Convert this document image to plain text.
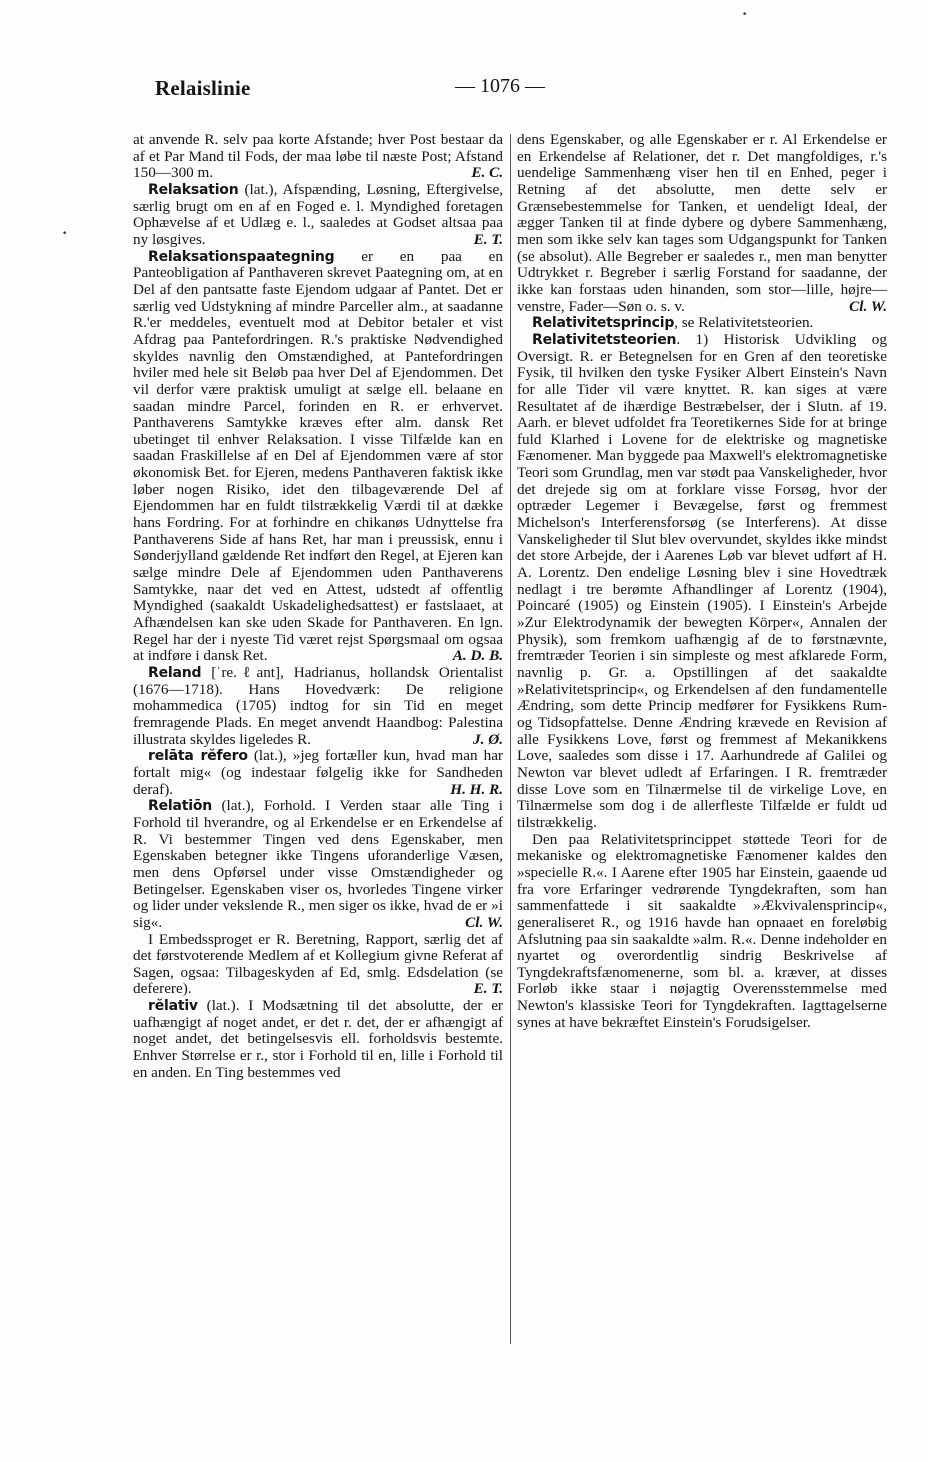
Relaislinie	— 1076 —
•
•

at anvende R. selv paa korte Afstande; hver Post bestaar da af et Par Mand til Fods, der maa løbe til næste Post; Afstand 150—300 m.	E. C.

Relaksation (lat.), Afspænding, Løsning, Eftergivelse, særlig brugt om en af en Foged e. l. Myndighed foretagen Ophævelse af et Udlæg e. l., saaledes at Godset altsaa paa ny løsgives.	E. T.

Relaksationspaategning er en paa en Panteobligation af Panthaveren skrevet Paategning om, at en Del af den pantsatte faste Ejendom udgaar af Pantet. Det er særlig ved Udstykning af mindre Parceller alm., at saadanne R.'er meddeles, eventuelt mod at Debitor betaler et vist Afdrag paa Pantefordringen. R.'s praktiske Nødvendighed skyldes navnlig den Omstændighed, at Pantefordringen hviler med hele sit Beløb paa hver Del af Ejendommen. Det vil derfor være praktisk umuligt at sælge ell. belaane en saadan mindre Parcel, forinden en R. er erhvervet. Panthaverens Samtykke kræves efter alm. dansk Ret ubetinget til enhver Relaksation. I visse Tilfælde kan en saadan Fraskillelse af en Del af Ejendommen være af stor økonomisk Bet. for Ejeren, medens Panthaveren faktisk ikke løber nogen Risiko, idet den tilbageværende Del af Ejendommen har en fuldt tilstrækkelig Værdi til at dække hans Fordring. For at forhindre en chikanøs Udnyttelse fra Panthaverens Side af hans Ret, har man i preussisk, ennu i Sønderjylland gældende Ret indført den Regel, at Ejeren kan sælge mindre Dele af Ejendommen uden Panthaverens Samtykke, naar det ved en Attest, udstedt af offentlig Myndighed (saakaldt Uskadelighedsattest) er fastslaaet, at Afhændelsen kan ske uden Skade for Panthaveren. En lgn. Regel har der i nyeste Tid været rejst Spørgsmaal om ogsaa at indføre i dansk Ret.	A. D. B.

Reland [ˈre.ℓant], Hadrianus, hollandsk Orientalist (1676—1718). Hans Hovedværk: De religione mohammedica (1705) indtog for sin Tid en meget fremragende Plads. En meget anvendt Haandbog: Palestina illustrata skyldes ligeledes R.	J. Ø.

relāta rĕfero (lat.), »jeg fortæller kun, hvad man har fortalt mig« (og indestaar følgelig ikke for Sandheden deraf).	H. H. R.

Relatiōn (lat.), Forhold. I Verden staar alle Ting i Forhold til hverandre, og al Erkendelse er en Erkendelse af R. Vi bestemmer Tingen ved dens Egenskaber, men Egenskaben betegner ikke Tingens uforanderlige Væsen, men dens Opførsel under visse Omstændigheder og Betingelser. Egenskaben viser os, hvorledes Tingene virker og lider under vekslende R., men siger os ikke, hvad de er »i sig«.	Cl. W.

I Embedssproget er R. Beretning, Rapport, særlig det af det førstvoterende Medlem af et Kollegium givne Referat af Sagen, ogsaa: Tilbageskyden af Ed, smlg. Edsdelation (se deferere).	E. T.

rĕlativ (lat.). I Modsætning til det absolutte, der er uafhængigt af noget andet, er det r. det, der er afhængigt af noget andet, det betingelsesvis ell. forholdsvis bestemte. Enhver Størrelse er r., stor i Forhold til en, lille i Forhold til en anden. En Ting bestemmes ved

dens Egenskaber, og alle Egenskaber er r. Al Erkendelse er en Erkendelse af Relationer, det r. Det mangfoldiges, r.'s uendelige Sammenhæng viser hen til en Enhed, peger i Retning af det absolutte, men dette selv er Grænsebestemmelse for Tanken, et uendeligt Ideal, der ægger Tanken til at finde dybere og dybere Sammenhæng, men som ikke selv kan tages som Udgangspunkt for Tanken (se absolut). Alle Begreber er saaledes r., men man benytter Udtrykket r. Begreber i særlig Forstand for saadanne, der ikke kan forstaas uden hinanden, som stor—lille, højre—venstre, Fader—Søn o. s. v.	Cl. W.

Relativitetsprincip, se Relativitetsteorien.

Relativitetsteorien. 1) Historisk Udvikling og Oversigt. R. er Betegnelsen for en Gren af den teoretiske Fysik, til hvilken den tyske Fysiker Albert Einstein's Navn for alle Tider vil være knyttet. R. kan siges at være Resultatet af de ihærdige Bestræbelser, der i Slutn. af 19. Aarh. er blevet udfoldet fra Teoretikernes Side for at bringe fuld Klarhed i Lovene for de elektriske og magnetiske Fænomener. Man byggede paa Maxwell's elektromagnetiske Teori som Grundlag, men var stødt paa Vanskeligheder, hvor det drejede sig om at forklare visse Forsøg, hvor der optræder Legemer i Bevægelse, først og fremmest Michelson's Interferensforsøg (se Interferens). At disse Vanskeligheder til Slut blev overvundet, skyldes ikke mindst det store Arbejde, der i Aarenes Løb var blevet udført af H. A. Lorentz. Den endelige Løsning blev i sine Hovedtræk nedlagt i tre berømte Afhandlinger af Lorentz (1904), Poincaré (1905) og Einstein (1905). I Einstein's Arbejde »Zur Elektrodynamik der bewegten Körper«, Annalen der Physik), som fremkom uafhængig af de to førstnævnte, fremtræder Teorien i sin simpleste og mest afklarede Form, navnlig p. Gr. a. Opstillingen af det saakaldte »Relativitetsprincip«, og Erkendelsen af den fundamentelle Ændring, som dette Princip medfører for Fysikkens Rum- og Tidsopfattelse. Denne Ændring krævede en Revision af alle Fysikkens Love, først og fremmest af Mekanikkens Love, saaledes som disse i 17. Aarhundrede af Galilei og Newton var blevet udledt af Erfaringen. I R. fremtræder disse Love som en Tilnærmelse til de virkelige Love, en Tilnærmelse som dog i de allerfleste Tilfælde er fuldt ud tilstrækkelig.

Den paa Relativitetsprincippet støttede Teori for de mekaniske og elektromagnetiske Fænomener kaldes den »specielle R.«. I Aarene efter 1905 har Einstein, gaaende ud fra vore Erfaringer vedrørende Tyngdekraften, som han sammenfattede i sit saakaldte »Ækvivalensprincip«, generaliseret R., og 1916 havde han opnaaet en foreløbig Afslutning paa sin saakaldte »alm. R.«. Denne indeholder en nyartet og overordentlig sindrig Beskrivelse af Tyngdekraftsfænomenerne, som bl. a. kræver, at disses Forløb ikke staar i nøjagtig Overensstemmelse med Newton's klassiske Teori for Tyngdekraften. Iagttagelserne synes at have bekræftet Einstein's Forudsigelser.
